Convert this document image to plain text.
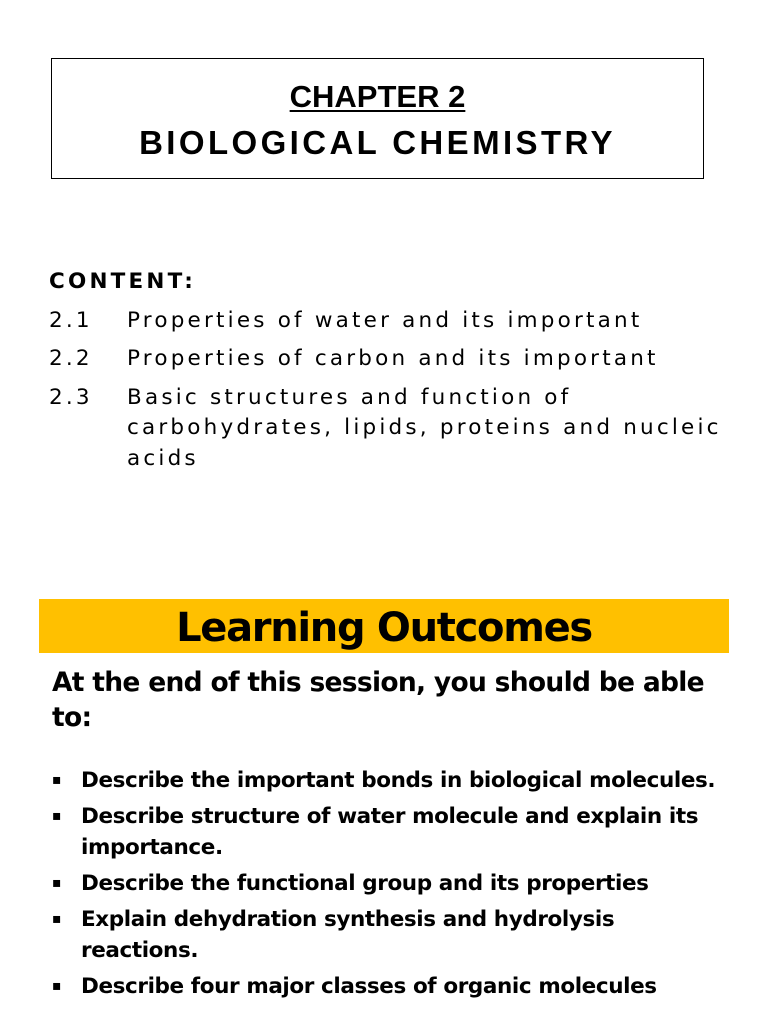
CHAPTER 2
BIOLOGICAL CHEMISTRY
CONTENT:
2.1	Properties of water and its important
2.2	Properties of carbon and its important
2.3	Basic structures and function of carbohydrates, lipids, proteins and nucleic acids
Learning Outcomes
At the end of this session, you should be able to:
▪ Describe the important bonds in biological molecules.
▪ Describe structure of water molecule and explain its importance.
▪ Describe the functional group and its properties
▪ Explain dehydration synthesis and hydrolysis reactions.
▪ Describe four major classes of organic molecules
